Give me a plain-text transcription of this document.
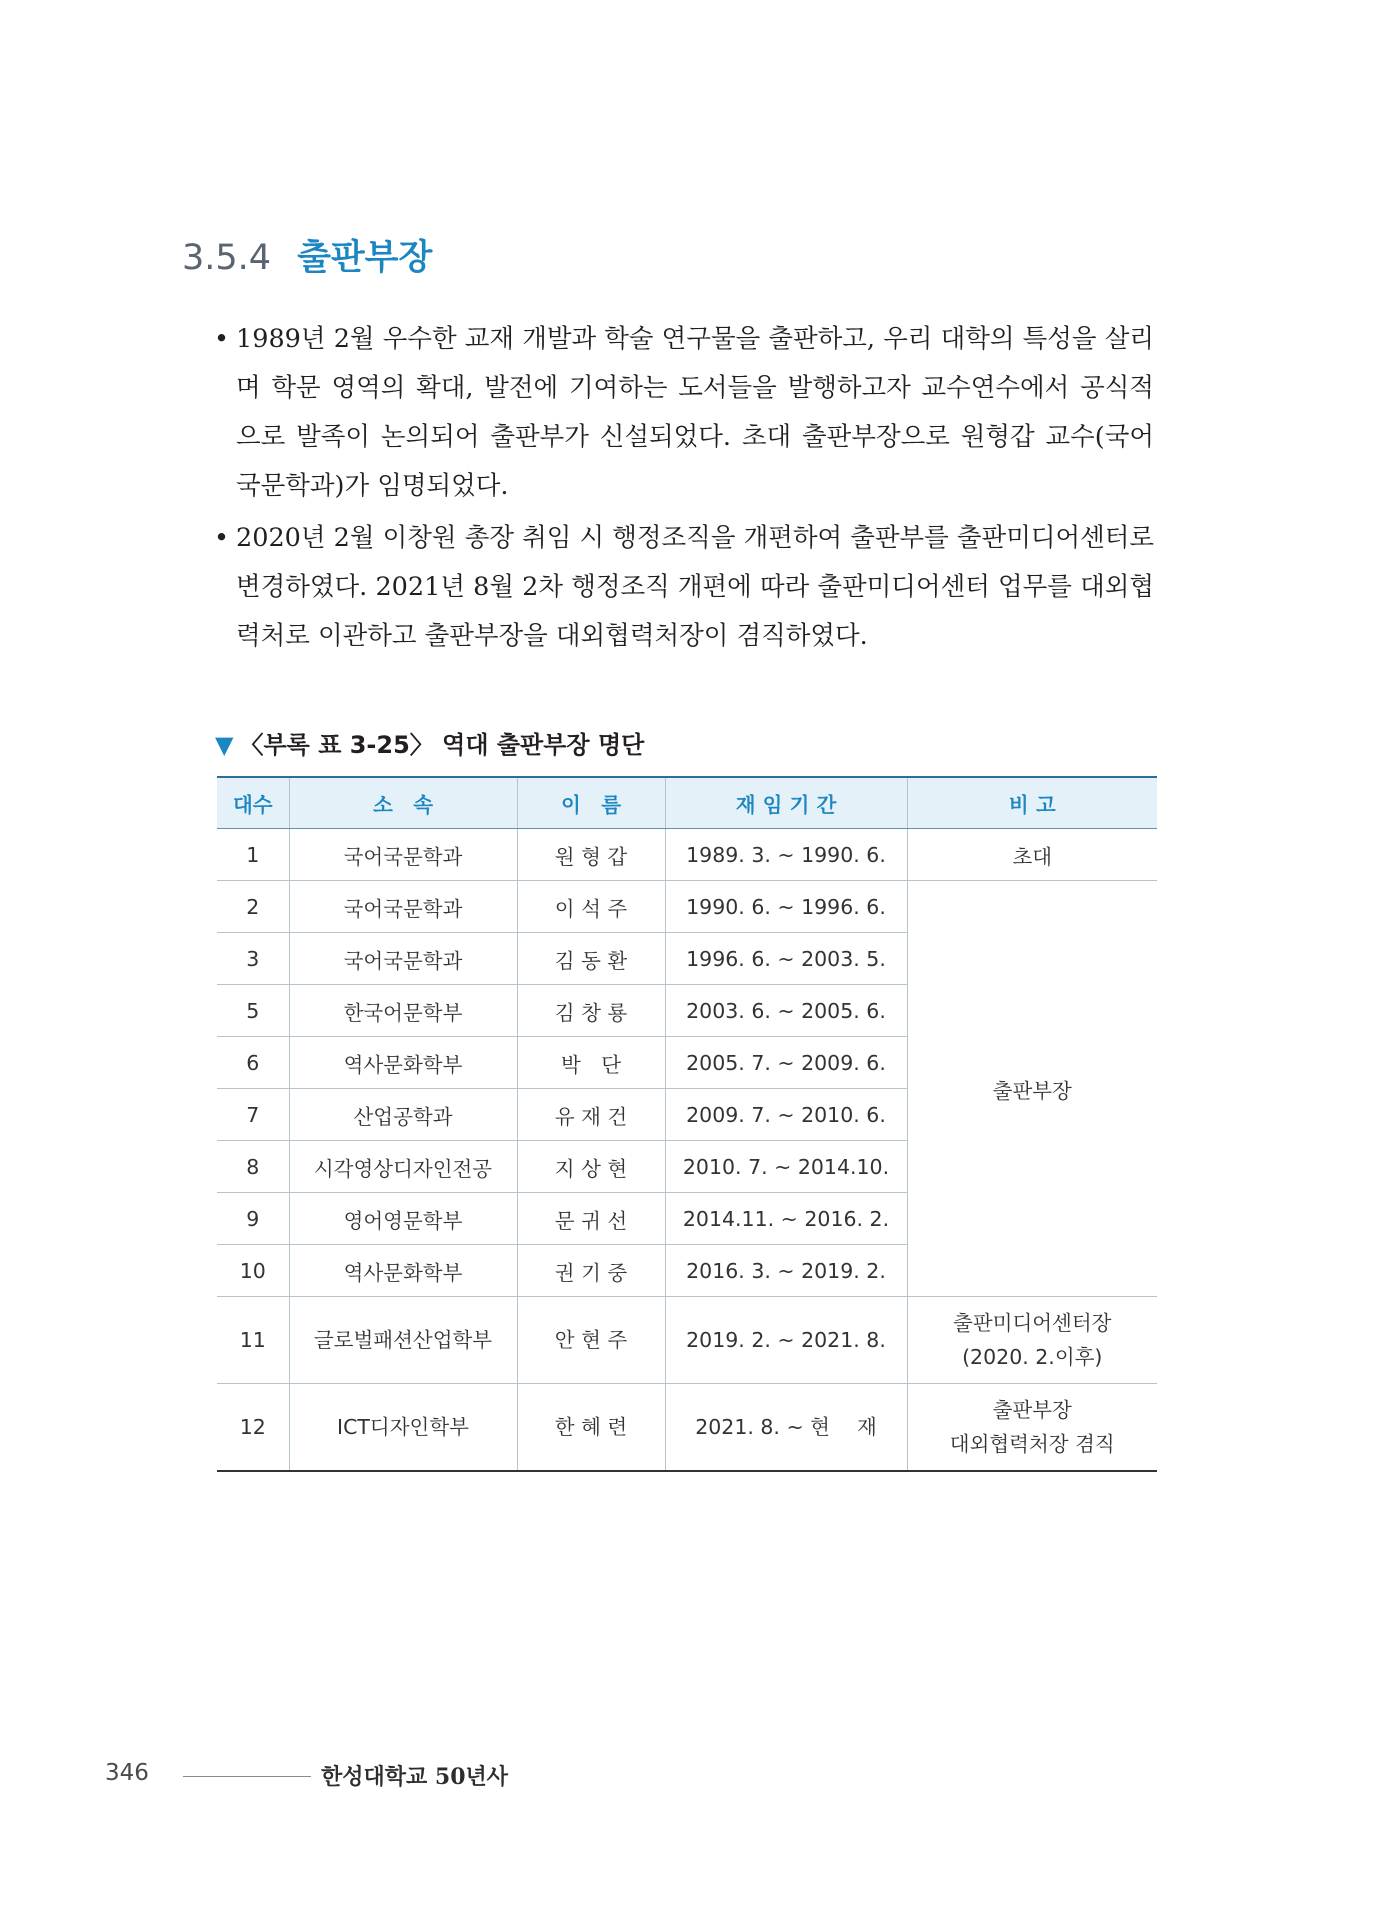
3.5.4 출판부장
• 1989년 2월 우수한 교재 개발과 학술 연구물을 출판하고, 우리 대학의 특성을 살리며 학문 영역의 확대, 발전에 기여하는 도서들을 발행하고자 교수연수에서 공식적으로 발족이 논의되어 출판부가 신설되었다. 초대 출판부장으로 원형갑 교수(국어국문학과)가 임명되었다.
• 2020년 2월 이창원 총장 취임 시 행정조직을 개편하여 출판부를 출판미디어센터로 변경하였다. 2021년 8월 2차 행정조직 개편에 따라 출판미디어센터 업무를 대외협력처로 이관하고 출판부장을 대외협력처장이 겸직하였다.
▼ 〈부록 표 3-25〉 역대 출판부장 명단
대수	소　속	이　름	재 임 기 간	비 고
1	국어국문학과	원 형 갑	1989. 3. ~ 1990. 6.	초대
2	국어국문학과	이 석 주	1990. 6. ~ 1996. 6.	출판부장
3	국어국문학과	김 동 환	1996. 6. ~ 2003. 5.	
5	한국어문학부	김 창 룡	2003. 6. ~ 2005. 6.	
6	역사문화학부	박　단	2005. 7. ~ 2009. 6.	
7	산업공학과	유 재 건	2009. 7. ~ 2010. 6.	
8	시각영상디자인전공	지 상 현	2010. 7. ~ 2014.10.	
9	영어영문학부	문 귀 선	2014.11. ~ 2016. 2.	
10	역사문화학부	권 기 중	2016. 3. ~ 2019. 2.	
11	글로벌패션산업학부	안 현 주	2019. 2. ~ 2021. 8.	출판미디어센터장
(2020. 2.이후)

12	ICT디자인학부	한 혜 련	2021. 8. ~ 현　 재	출판부장
대외협력처장 겸직
346	한성대학교 50년사
